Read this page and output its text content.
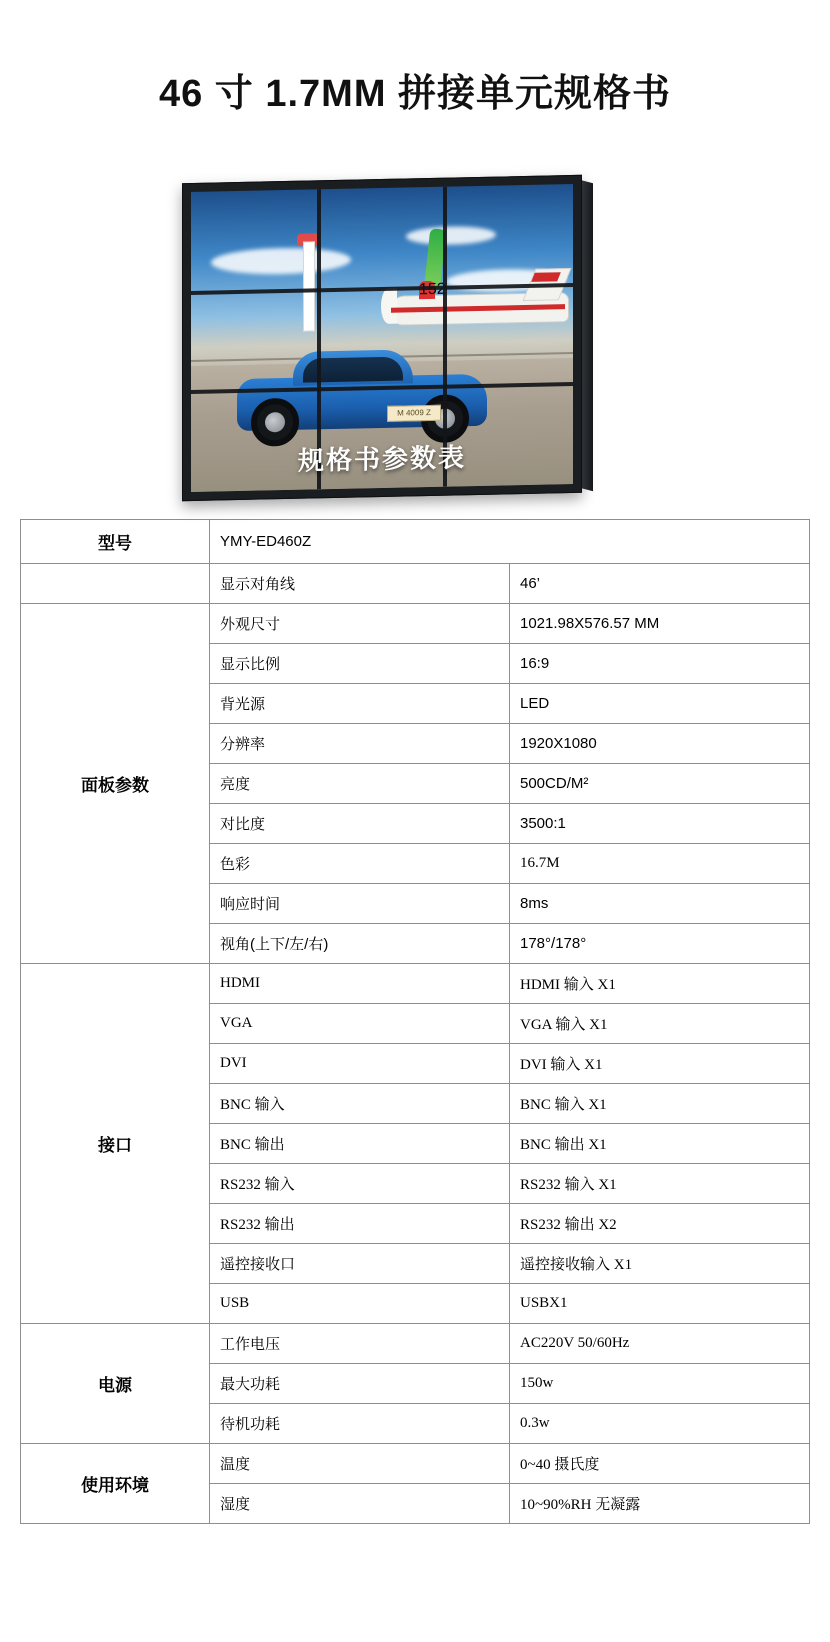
46 寸 1.7MM 拼接单元规格书
M 4009 Z
规格书参数表
型号	YMY-ED460Z	
	显示对角线	46’
面板参数	外观尺寸	1021.98X576.57 MM
	显示比例	16:9
	背光源	LED
	分辨率	1920X1080
	亮度	500CD/M²
	对比度	3500:1
	色彩	16.7M
	响应时间	8ms
	视角(上下/左/右)	178°/178°
接口	HDMI	HDMI 输入 X1
	VGA	VGA 输入 X1
	DVI	DVI 输入 X1
	BNC 输入	BNC 输入 X1
	BNC 输出	BNC 输出 X1
	RS232 输入	RS232 输入 X1
	RS232 输出	RS232 输出 X2
	遥控接收口	遥控接收输入 X1
	USB	USBX1
电源	工作电压	AC220V 50/60Hz
	最大功耗	150w
	待机功耗	0.3w
使用环境	温度	0~40 摄氏度
	湿度	10~90%RH 无凝露
